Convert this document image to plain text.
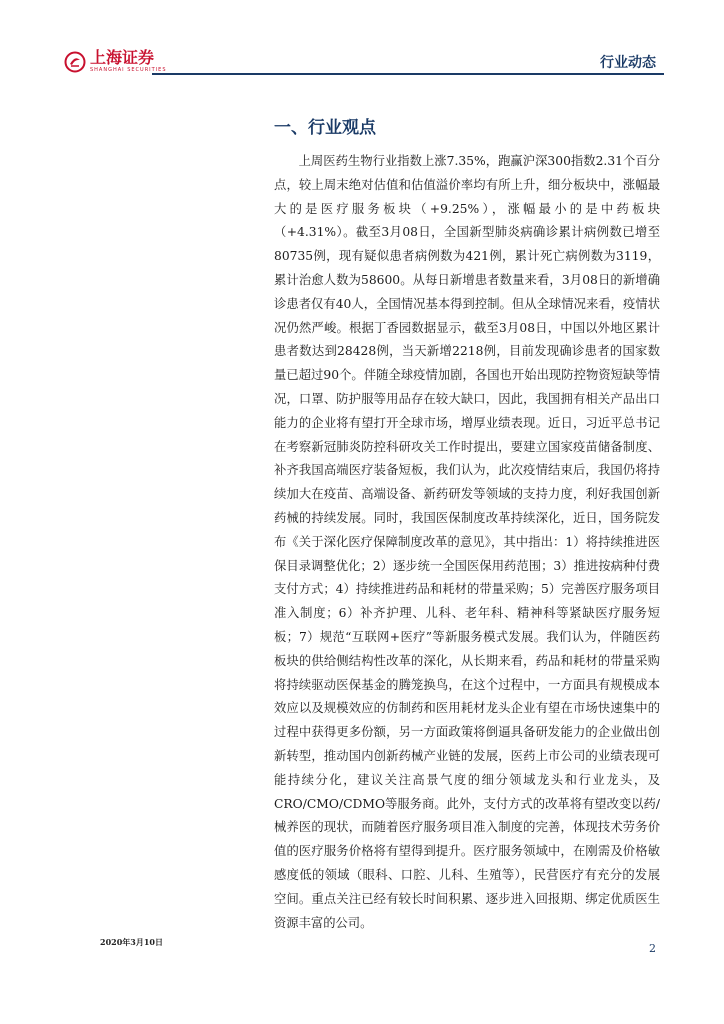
上海证券
SHANGHAI SECURITIES	行业动态
一、行业观点

上周医药生物行业指数上涨7.35%，跑赢沪深300指数2.31个百分点，较上周末绝对估值和估值溢价率均有所上升，细分板块中，涨幅最大的是医疗服务板块（+9.25%），涨幅最小的是中药板块（+4.31%）。截至3月08日，全国新型肺炎病确诊累计病例数已增至80735例，现有疑似患者病例数为421例，累计死亡病例数为3119，累计治愈人数为58600。从每日新增患者数量来看，3月08日的新增确诊患者仅有40人，全国情况基本得到控制。但从全球情况来看，疫情状况仍然严峻。根据丁香园数据显示，截至3月08日，中国以外地区累计患者数达到28428例，当天新增2218例，目前发现确诊患者的国家数量已超过90个。伴随全球疫情加剧，各国也开始出现防控物资短缺等情况，口罩、防护服等用品存在较大缺口，因此，我国拥有相关产品出口能力的企业将有望打开全球市场，增厚业绩表现。近日，习近平总书记在考察新冠肺炎防控科研攻关工作时提出，要建立国家疫苗储备制度、补齐我国高端医疗装备短板，我们认为，此次疫情结束后，我国仍将持续加大在疫苗、高端设备、新药研发等领域的支持力度，利好我国创新药械的持续发展。同时，我国医保制度改革持续深化，近日，国务院发布《关于深化医疗保障制度改革的意见》，其中指出：1）将持续推进医保目录调整优化；2）逐步统一全国医保用药范围；3）推进按病种付费支付方式；4）持续推进药品和耗材的带量采购；5）完善医疗服务项目准入制度；6）补齐护理、儿科、老年科、精神科等紧缺医疗服务短板；7）规范“互联网+医疗”等新服务模式发展。我们认为，伴随医药板块的供给侧结构性改革的深化，从长期来看，药品和耗材的带量采购将持续驱动医保基金的腾笼换鸟，在这个过程中，一方面具有规模成本效应以及规模效应的仿制药和医用耗材龙头企业有望在市场快速集中的过程中获得更多份额，另一方面政策将倒逼具备研发能力的企业做出创新转型，推动国内创新药械产业链的发展，医药上市公司的业绩表现可能持续分化，建议关注高景气度的细分领域龙头和行业龙头，及CRO/CMO/CDMO等服务商。此外，支付方式的改革将有望改变以药/械养医的现状，而随着医疗服务项目准入制度的完善，体现技术劳务价值的医疗服务价格将有望得到提升。医疗服务领域中，在刚需及价格敏感度低的领域（眼科、口腔、儿科、生殖等），民营医疗有充分的发展空间。重点关注已经有较长时间积累、逐步进入回报期、绑定优质医生资源丰富的公司。

2020年3月10日	2
